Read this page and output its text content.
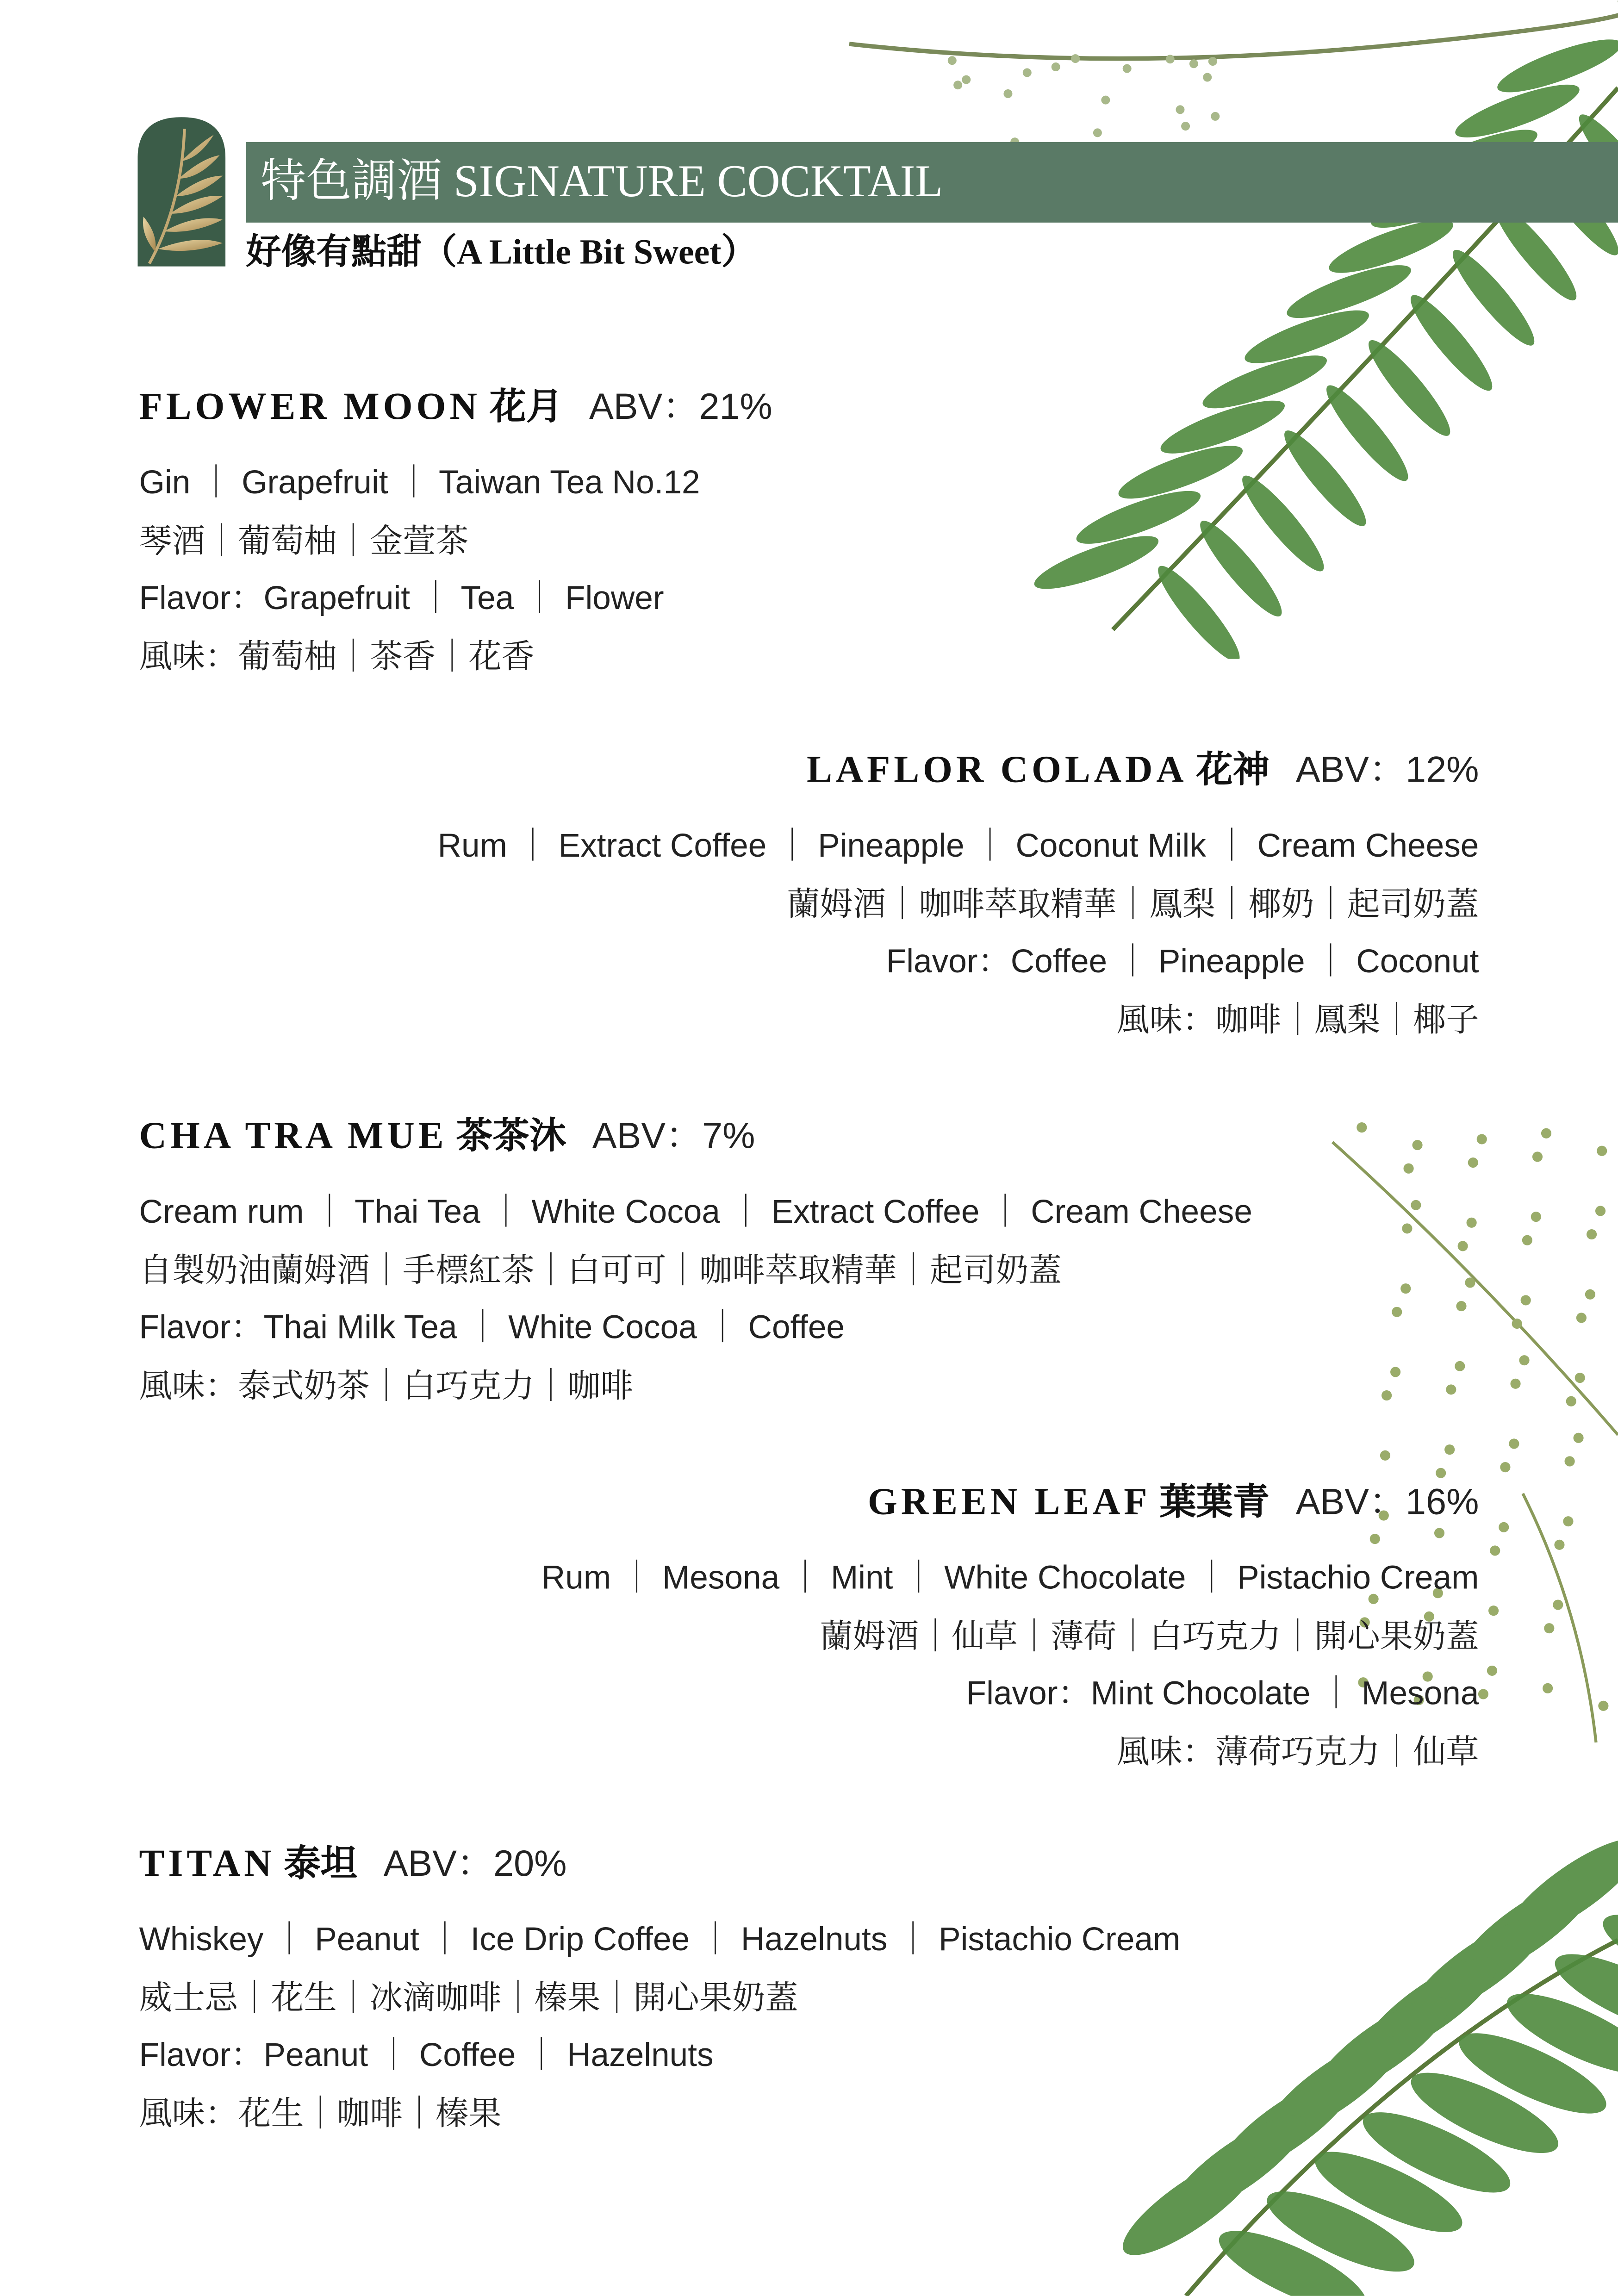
特色調酒 SIGNATURE COCKTAIL
好像有點甜（A Little Bit Sweet）
FLOWER MOON 花月 ABV：21%
Gin ｜ Grapefruit ｜ Taiwan Tea No.12
琴酒｜葡萄柚｜金萱茶
Flavor：Grapefruit ｜ Tea ｜ Flower
風味：葡萄柚｜茶香｜花香
LAFLOR COLADA 花神 ABV：12%
Rum ｜ Extract Coffee ｜ Pineapple ｜ Coconut Milk ｜ Cream Cheese
蘭姆酒｜咖啡萃取精華｜鳳梨｜椰奶｜起司奶蓋
Flavor：Coffee ｜ Pineapple ｜ Coconut
風味：咖啡｜鳳梨｜椰子
CHA TRA MUE 茶茶沐 ABV：7%
Cream rum ｜ Thai Tea ｜ White Cocoa ｜ Extract Coffee ｜ Cream Cheese
自製奶油蘭姆酒｜手標紅茶｜白可可｜咖啡萃取精華｜起司奶蓋
Flavor：Thai Milk Tea ｜ White Cocoa ｜ Coffee
風味：泰式奶茶｜白巧克力｜咖啡
GREEN LEAF 葉葉青 ABV：16%
Rum ｜ Mesona ｜ Mint ｜ White Chocolate ｜ Pistachio Cream
蘭姆酒｜仙草｜薄荷｜白巧克力｜開心果奶蓋
Flavor：Mint Chocolate ｜ Mesona
風味：薄荷巧克力｜仙草
TITAN 泰坦 ABV：20%
Whiskey ｜ Peanut ｜ Ice Drip Coffee ｜ Hazelnuts ｜ Pistachio Cream
威士忌｜花生｜冰滴咖啡｜榛果｜開心果奶蓋
Flavor：Peanut ｜ Coffee ｜ Hazelnuts
風味：花生｜咖啡｜榛果
